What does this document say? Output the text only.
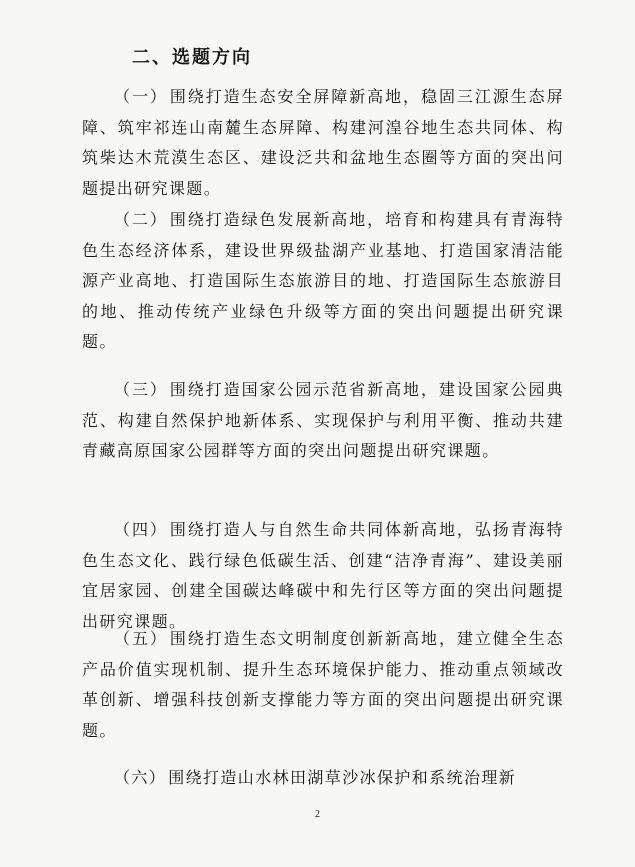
二、选题方向

（一） 围绕打造生态安全屏障新高地，稳固三江源生态屏障、筑牢祁连山南麓生态屏障、构建河湟谷地生态共同体、构筑柴达木荒漠生态区、建设泛共和盆地生态圈等方面的突出问题提出研究课题。

（二） 围绕打造绿色发展新高地，培育和构建具有青海特色生态经济体系，建设世界级盐湖产业基地、打造国家清洁能源产业高地、打造国际生态旅游目的地、打造国际生态旅游目的地、推动传统产业绿色升级等方面的突出问题提出研究课题。

（三） 围绕打造国家公园示范省新高地，建设国家公园典范、构建自然保护地新体系、实现保护与利用平衡、推动共建青藏高原国家公园群等方面的突出问题提出研究课题。

（四） 围绕打造人与自然生命共同体新高地，弘扬青海特色生态文化、践行绿色低碳生活、创建“洁净青海”、建设美丽宜居家园、创建全国碳达峰碳中和先行区等方面的突出问题提出研究课题。

（五） 围绕打造生态文明制度创新新高地，建立健全生态产品价值实现机制、提升生态环境保护能力、推动重点领域改革创新、增强科技创新支撑能力等方面的突出问题提出研究课题。

（六） 围绕打造山水林田湖草沙冰保护和系统治理新

2
